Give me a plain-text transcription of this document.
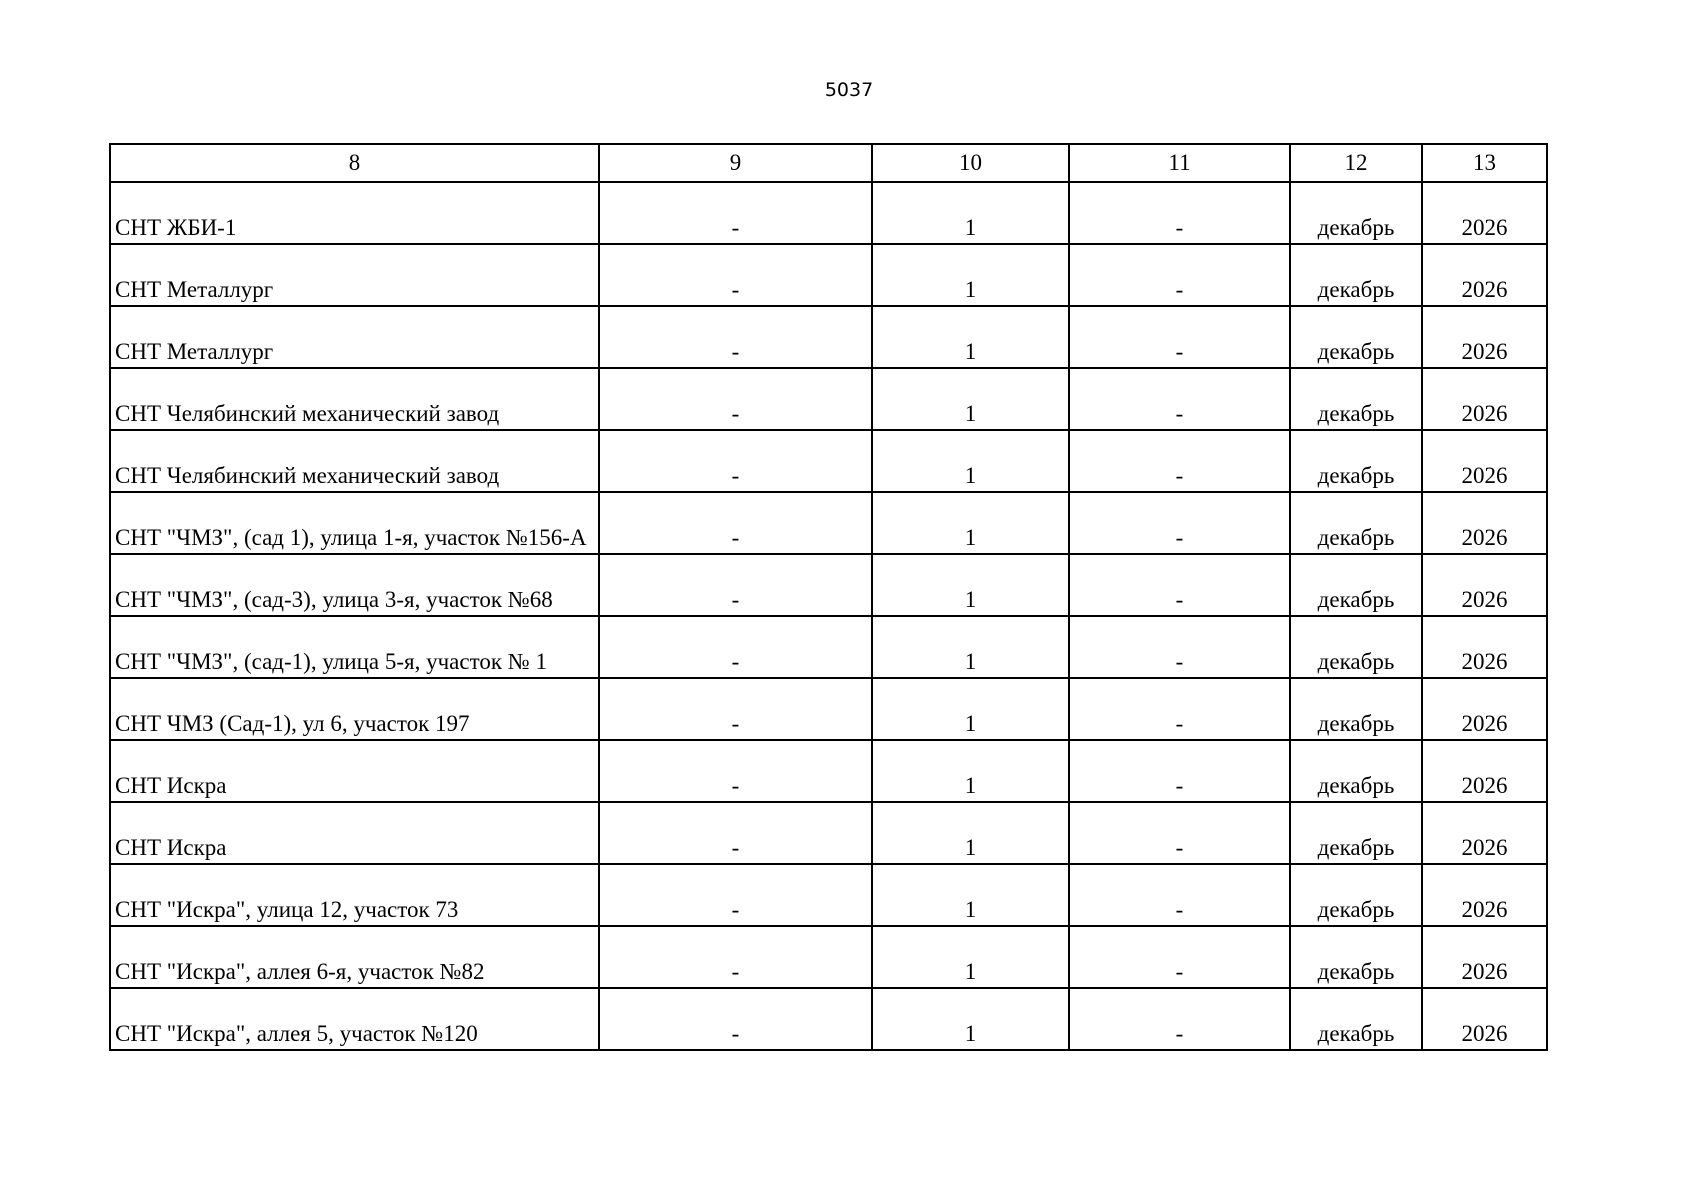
5037
8	9	10	11	12	13
СНТ ЖБИ-1	-	1	-	декабрь	2026
СНТ Металлург	-	1	-	декабрь	2026
СНТ Металлург	-	1	-	декабрь	2026
СНТ Челябинский механический завод	-	1	-	декабрь	2026
СНТ Челябинский механический завод	-	1	-	декабрь	2026
СНТ "ЧМЗ", (сад 1), улица 1-я, участок №156-А	-	1	-	декабрь	2026
СНТ "ЧМЗ", (сад-3), улица 3-я, участок №68	-	1	-	декабрь	2026
СНТ "ЧМЗ", (сад-1), улица 5-я, участок № 1	-	1	-	декабрь	2026
СНТ ЧМЗ (Сад-1), ул 6, участок 197	-	1	-	декабрь	2026
СНТ Искра	-	1	-	декабрь	2026
СНТ Искра	-	1	-	декабрь	2026
СНТ "Искра", улица 12, участок 73	-	1	-	декабрь	2026
СНТ "Искра", аллея 6-я, участок №82	-	1	-	декабрь	2026
СНТ "Искра", аллея 5, участок №120	-	1	-	декабрь	2026
